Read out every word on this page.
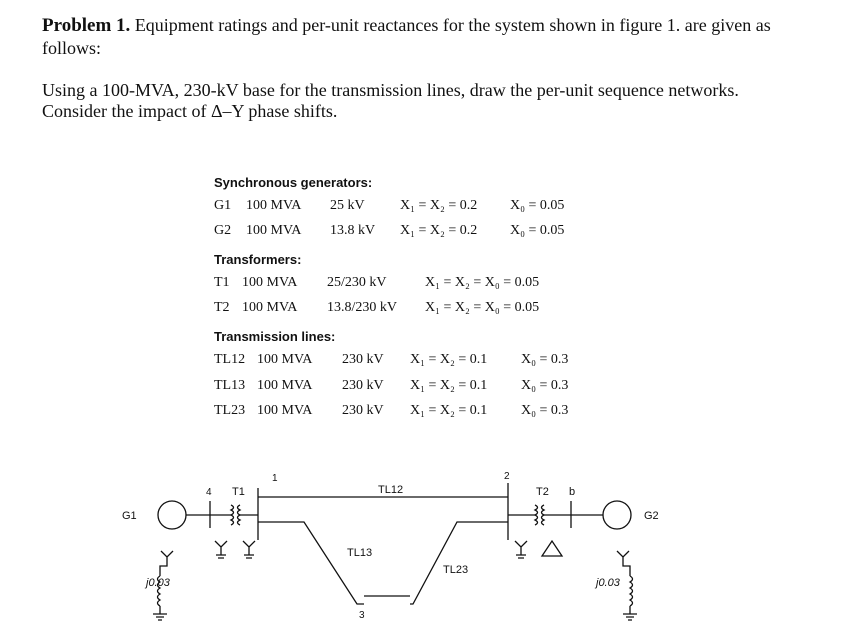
Problem 1. Equipment ratings and per-unit reactances for the system shown in figure 1. are given as follows:
Using a 100-MVA, 230-kV base for the transmission lines, draw the per-unit sequence networks.
Consider the impact of Δ–Y phase shifts.
Synchronous generators:
G1 100 MVA 25 kV	X₁ = X₂ = 0.2 X₀ = 0.05
G2 100 MVA 13.8 kV X₁ = X₂ = 0.2 X₀ = 0.05
Transformers:
T1 100 MVA 25/230 kV	X₁ = X₂ = X₀ = 0.05
T2 100 MVA 13.8/230 kV X₁ = X₂ = X₀ = 0.05
Transmission lines:
TL12 100 MVA 230 kV X₁ = X₂ = 0.1 X₀ = 0.3
TL13 100 MVA 230 kV X₁ = X₂ = 0.1 X₀ = 0.3
TL23 100 MVA 230 kV X₁ = X₂ = 0.1 X₀ = 0.3
G1	G2
T1	T2
4
1	2
3
b
TL12
TL13
TL23
j0.03	j0.03
